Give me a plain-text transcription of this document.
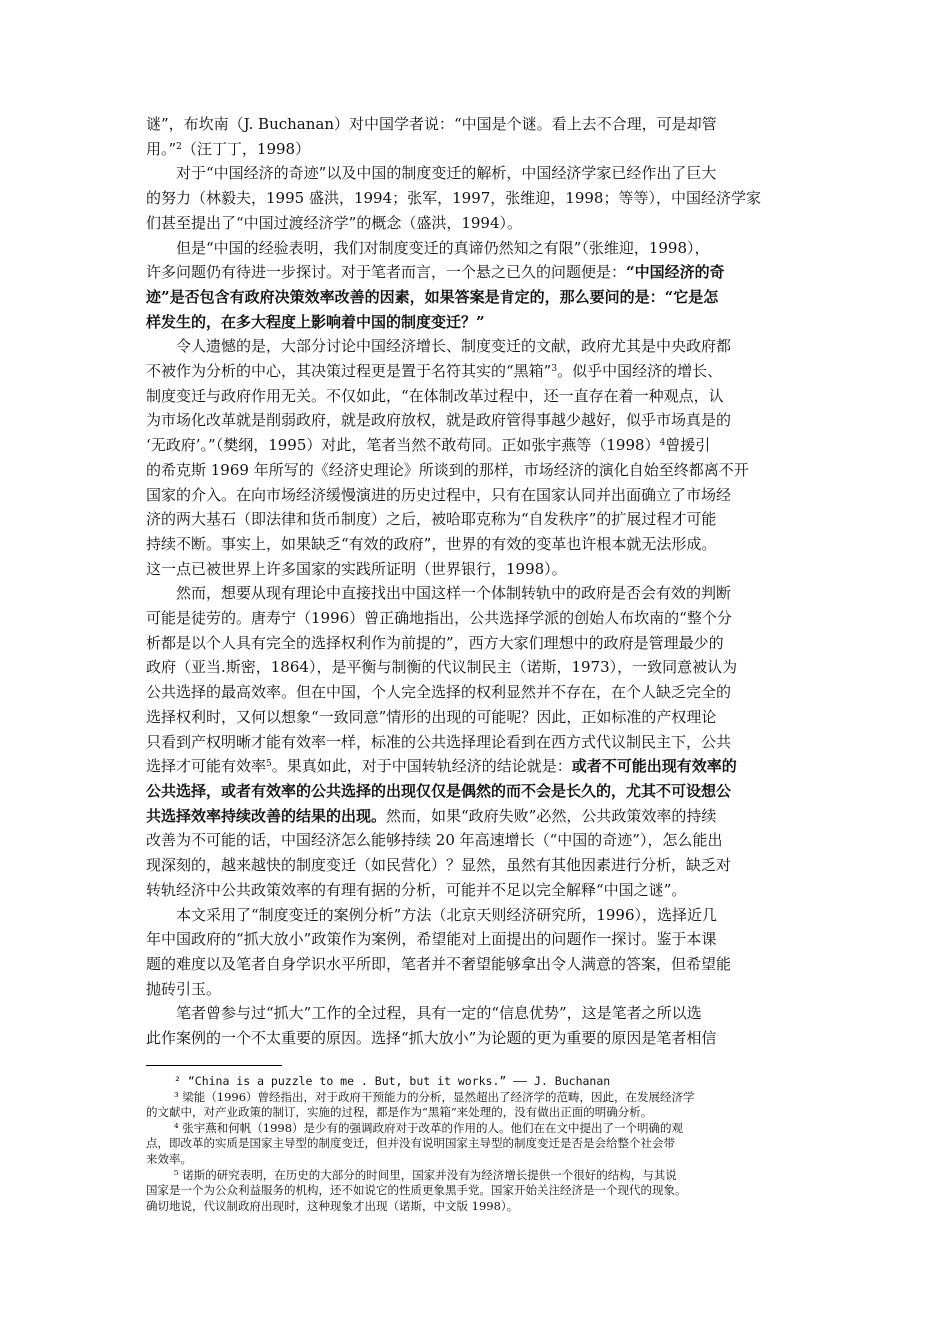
谜”，布坎南（J. Buchanan）对中国学者说：“中国是个谜。看上去不合理，可是却管
用。”$^2$（汪丁丁，1998）
对于“中国经济的奇迹”以及中国的制度变迁的解析，中国经济学家已经作出了巨大
的努力（林毅夫，1995 盛洪，1994；张军，1997，张维迎，1998；等等），中国经济学家
们甚至提出了“中国过渡经济学”的概念（盛洪，1994）。
但是“中国的经验表明，我们对制度变迁的真谛仍然知之有限”（张维迎，1998），
许多问题仍有待进一步探讨。对于笔者而言，一个悬之已久的问题便是：“中国经济的奇
迹”是否包含有政府决策效率改善的因素，如果答案是肯定的，那么要问的是：“它是怎
样发生的，在多大程度上影响着中国的制度变迁？”
令人遗憾的是，大部分讨论中国经济增长、制度变迁的文献，政府尤其是中央政府都
不被作为分析的中心，其决策过程更是置于名符其实的“黑箱”$^3$。似乎中国经济的增长、
制度变迁与政府作用无关。不仅如此，“在体制改革过程中，还一直存在着一种观点，认
为市场化改革就是削弱政府，就是政府放权，就是政府管得事越少越好，似乎市场真是的
‘无政府’。”（樊纲，1995）对此，笔者当然不敢苟同。正如张宇燕等$(1998)^4$曾援引
的希克斯 1969 年所写的《经济史理论》所谈到的那样，市场经济的演化自始至终都离不开
国家的介入。在向市场经济缓慢演进的历史过程中，只有在国家认同并出面确立了市场经
济的两大基石（即法律和货币制度）之后，被哈耶克称为“自发秩序”的扩展过程才可能
持续不断。事实上，如果缺乏“有效的政府”，世界的有效的变革也许根本就无法形成。
这一点已被世界上许多国家的实践所证明（世界银行，1998）。
然而，想要从现有理论中直接找出中国这样一个体制转轨中的政府是否会有效的判断
可能是徒劳的。唐寿宁（1996）曾正确地指出，公共选择学派的创始人布坎南的“整个分
析都是以个人具有完全的选择权利作为前提的”，西方大家们理想中的政府是管理最少的
政府（亚当.斯密，1864），是平衡与制衡的代议制民主（诺斯，1973），一致同意被认为
公共选择的最高效率。但在中国，个人完全选择的权利显然并不存在，在个人缺乏完全的
选择权利时，又何以想象“一致同意”情形的出现的可能呢？因此，正如标准的产权理论
只看到产权明晰才能有效率一样，标准的公共选择理论看到在西方式代议制民主下，公共
选择才可能有效率$^5$。果真如此，对于中国转轨经济的结论就是：或者不可能出现有效率的
公共选择，或者有效率的公共选择的出现仅仅是偶然的而不会是长久的，尤其不可设想公
共选择效率持续改善的结果的出现。然而，如果“政府失败”必然，公共政策效率的持续
改善为不可能的话，中国经济怎么能够持续 20 年高速增长（“中国的奇迹”），怎么能出
现深刻的，越来越快的制度变迁（如民营化）？显然，虽然有其他因素进行分析，缺乏对
转轨经济中公共政策效率的有理有据的分析，可能并不足以完全解释“中国之谜”。
本文采用了“制度变迁的案例分析”方法（北京天则经济研究所，1996），选择近几
年中国政府的“抓大放小”政策作为案例，希望能对上面提出的问题作一探讨。鉴于本课
题的难度以及笔者自身学识水平所即，笔者并不奢望能够拿出令人满意的答案，但希望能
抛砖引玉。
笔者曾参与过“抓大”工作的全过程，具有一定的“信息优势”，这是笔者之所以选
此作案例的一个不太重要的原因。选择“抓大放小”为论题的更为重要的原因是笔者相信
² “China is a puzzle to me . But, but it works.” —— J. Buchanan
³ 梁能（1996）曾经指出，对于政府干预能力的分析，显然超出了经济学的范畴，因此，在发展经济学
的文献中，对产业政策的制订，实施的过程，都是作为“黑箱”来处理的，没有做出正面的明确分析。
⁴ 张宇燕和何帆（1998）是少有的强调政府对于改革的作用的人。他们在在文中提出了一个明确的观
点，即改革的实质是国家主导型的制度变迁，但并没有说明国家主导型的制度变迁是否是会给整个社会带
来效率。
⁵ 诺斯的研究表明，在历史的大部分的时间里，国家并没有为经济增长提供一个很好的结构，与其说
国家是一个为公众利益服务的机构，还不如说它的性质更象黑手党。国家开始关注经济是一个现代的现象。
确切地说，代议制政府出现时，这种现象才出现（诺斯，中文版 1998）。
